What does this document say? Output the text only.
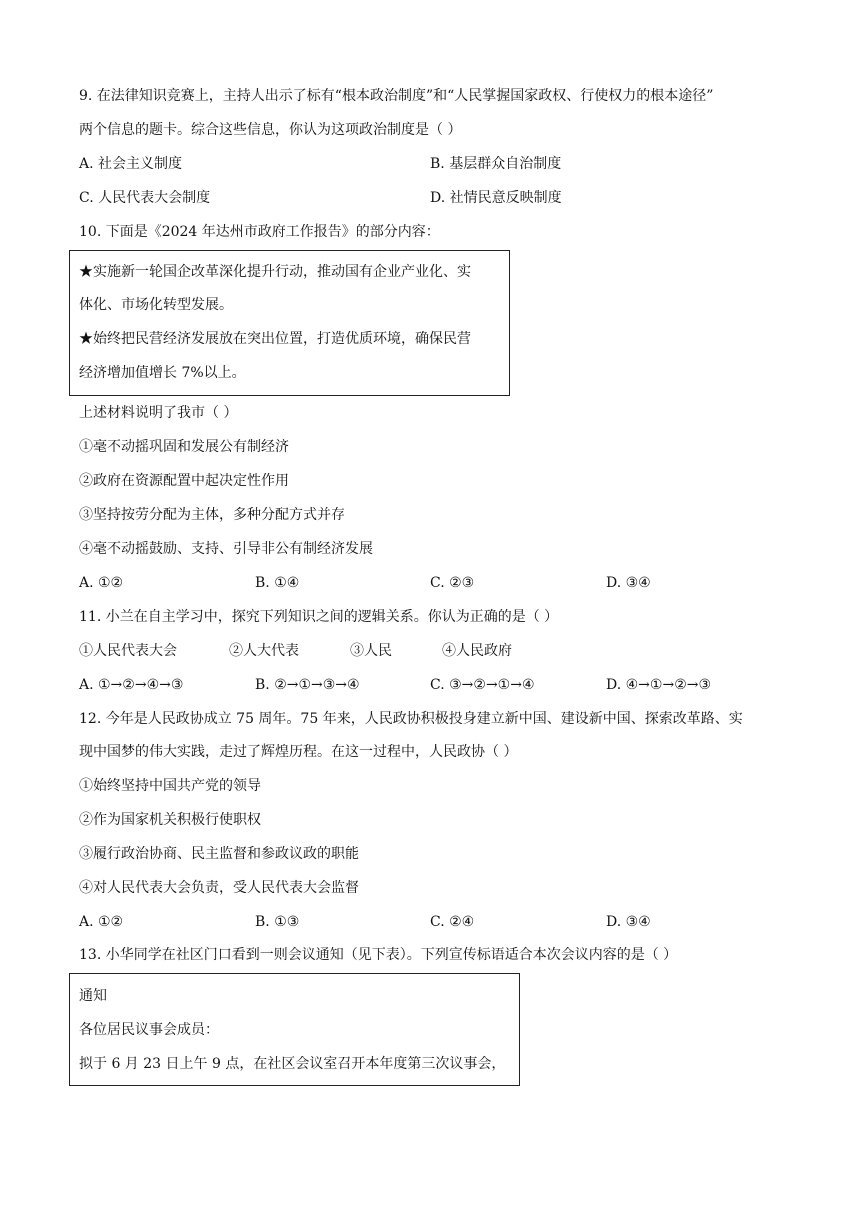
9. 在法律知识竞赛上，主持人出示了标有“根本政治制度”和“人民掌握国家政权、行使权力的根本途径”
两个信息的题卡。综合这些信息，你认为这项政治制度是（ ）
A. 社会主义制度	B. 基层群众自治制度
C. 人民代表大会制度	D. 社情民意反映制度
10. 下面是《2024 年达州市政府工作报告》的部分内容：
★实施新一轮国企改革深化提升行动，推动国有企业产业化、实
体化、市场化转型发展。
★始终把民营经济发展放在突出位置，打造优质环境，确保民营
经济增加值增长 7%以上。
上述材料说明了我市（ ）
①毫不动摇巩固和发展公有制经济
②政府在资源配置中起决定性作用
③坚持按劳分配为主体，多种分配方式并存
④毫不动摇鼓励、支持、引导非公有制经济发展
A. ①②	B. ①④	C. ②③	D. ③④
11. 小兰在自主学习中，探究下列知识之间的逻辑关系。你认为正确的是（ ）
①人民代表大会	②人大代表	③人民	④人民政府
A. ①→②→④→③	B. ②→①→③→④	C. ③→②→①→④	D. ④→①→②→③
12. 今年是人民政协成立 75 周年。75 年来，人民政协积极投身建立新中国、建设新中国、探索改革路、实
现中国梦的伟大实践，走过了辉煌历程。在这一过程中，人民政协（ ）
①始终坚持中国共产党的领导
②作为国家机关积极行使职权
③履行政治协商、民主监督和参政议政的职能
④对人民代表大会负责，受人民代表大会监督
A. ①②	B. ①③	C. ②④	D. ③④
13. 小华同学在社区门口看到一则会议通知（见下表）。下列宣传标语适合本次会议内容的是（ ）
通知
各位居民议事会成员：
拟于 6 月 23 日上午 9 点，在社区会议室召开本年度第三次议事会，
